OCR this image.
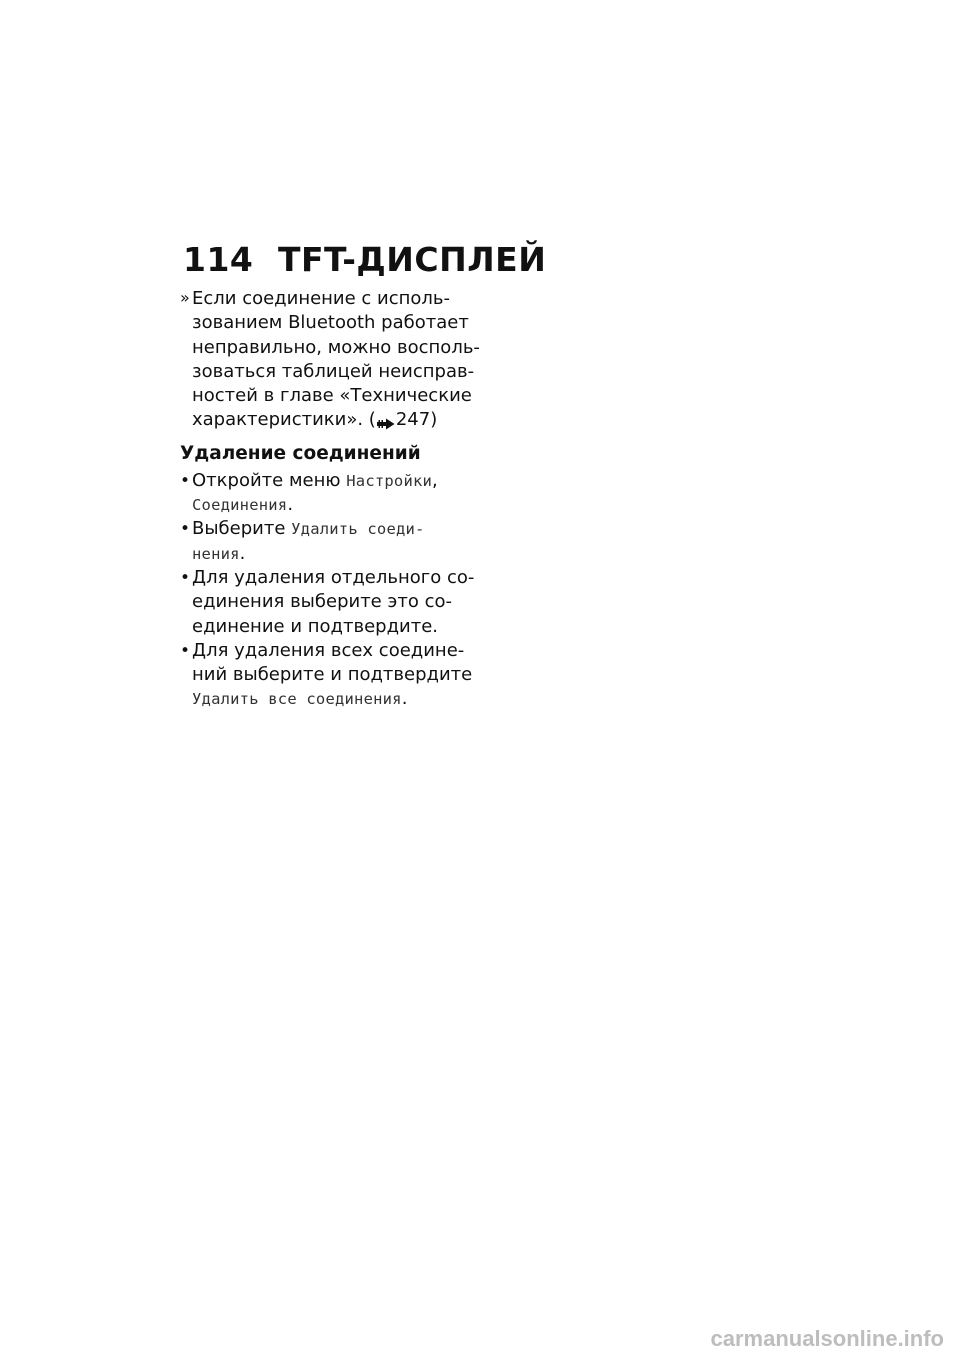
114 TFT-ДИСПЛЕЙ
» Если соединение с исполь-
зованием Bluetooth работает
неправильно, можно восполь-
зоваться таблицей неисправ-
ностей в главе «Технические
характеристики». ( 247)
Удаление соединений
• Откройте меню Настройки,
Соединения.
• Выберите Удалить соеди-
нения.
• Для удаления отдельного со-
единения выберите это со-
единение и подтвердите.
• Для удаления всех соедине-
ний выберите и подтвердите
Удалить все соединения.
carmanualsonline.info
